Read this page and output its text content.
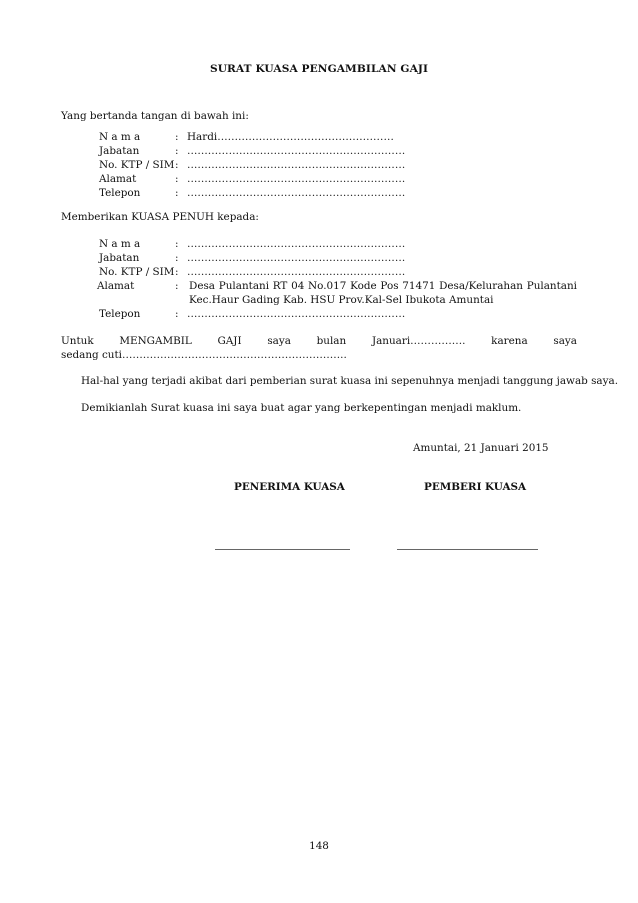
SURAT KUASA PENGAMBILAN GAJI
Yang bertanda tangan di bawah ini:
N a m a	: Hardi……………………………………………
Jabatan	: ………………………………………………………
No. KTP / SIM : ………………………………………………………
Alamat	: ………………………………………………………
Telepon	: ………………………………………………………
Memberikan KUASA PENUH kepada:
N a m a	: ………………………………………………………
Jabatan	: ………………………………………………………
No. KTP / SIM : ………………………………………………………
Alamat	: Desa Pulantani RT 04 No.017 Kode Pos 71471 Desa/Kelurahan Pulantani
Kec.Haur Gading Kab. HSU Prov.Kal-Sel Ibukota Amuntai
Telepon	: ………………………………………………………
Untuk MENGAMBIL GAJI saya bulan Januari……………. karena saya
sedang cuti………………………………………………………..
Hal-hal yang terjadi akibat dari pemberian surat kuasa ini sepenuhnya menjadi tanggung jawab saya.
Demikianlah Surat kuasa ini saya buat agar yang berkepentingan menjadi maklum.
Amuntai, 21 Januari 2015
PENERIMA KUASA	PEMBERI KUASA
148
